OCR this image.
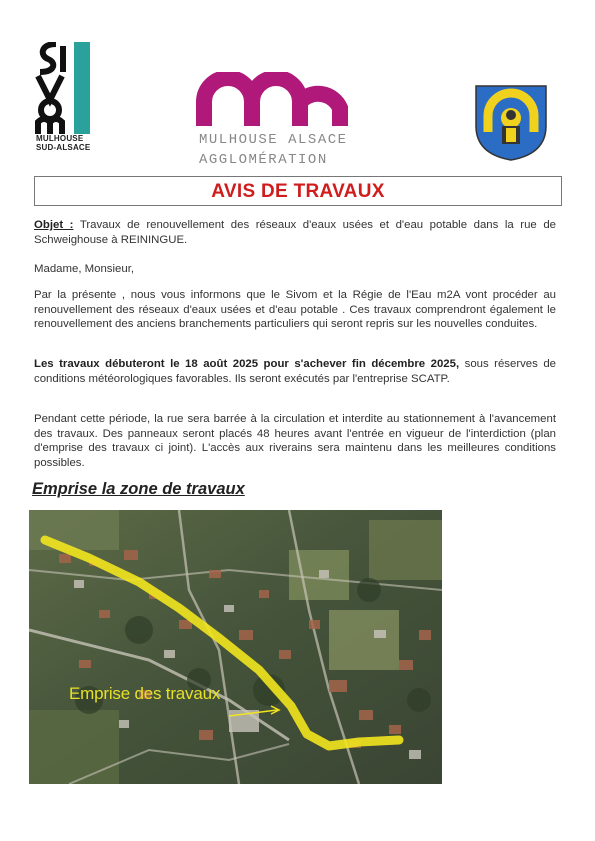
MULHOUSE
SUD-ALSACE	MULHOUSE ALSACE
AGGLOMÉRATION
AVIS DE TRAVAUX

Objet : Travaux de renouvellement des réseaux d'eaux usées et d'eau potable dans la rue de Schweighouse à REININGUE.

Madame, Monsieur,

Par la présente , nous vous informons que le Sivom et la Régie de l'Eau m2A vont procéder au renouvellement des réseaux d'eaux usées et d'eau potable . Ces travaux comprendront également le renouvellement des anciens branchements particuliers qui seront repris sur les nouvelles conduites.

Les travaux débuteront le 18 août 2025 pour s'achever fin décembre 2025, sous réserves de conditions météorologiques favorables. Ils seront exécutés par l'entreprise SCATP.

Pendant cette période, la rue sera barrée à la circulation et interdite au stationnement à l'avancement des travaux. Des panneaux seront placés 48 heures avant l'entrée en vigueur de l'interdiction (plan d'emprise des travaux ci joint). L'accès aux riverains sera maintenu dans les meilleures conditions possibles.

Emprise la zone de travaux
Emprise des travaux
